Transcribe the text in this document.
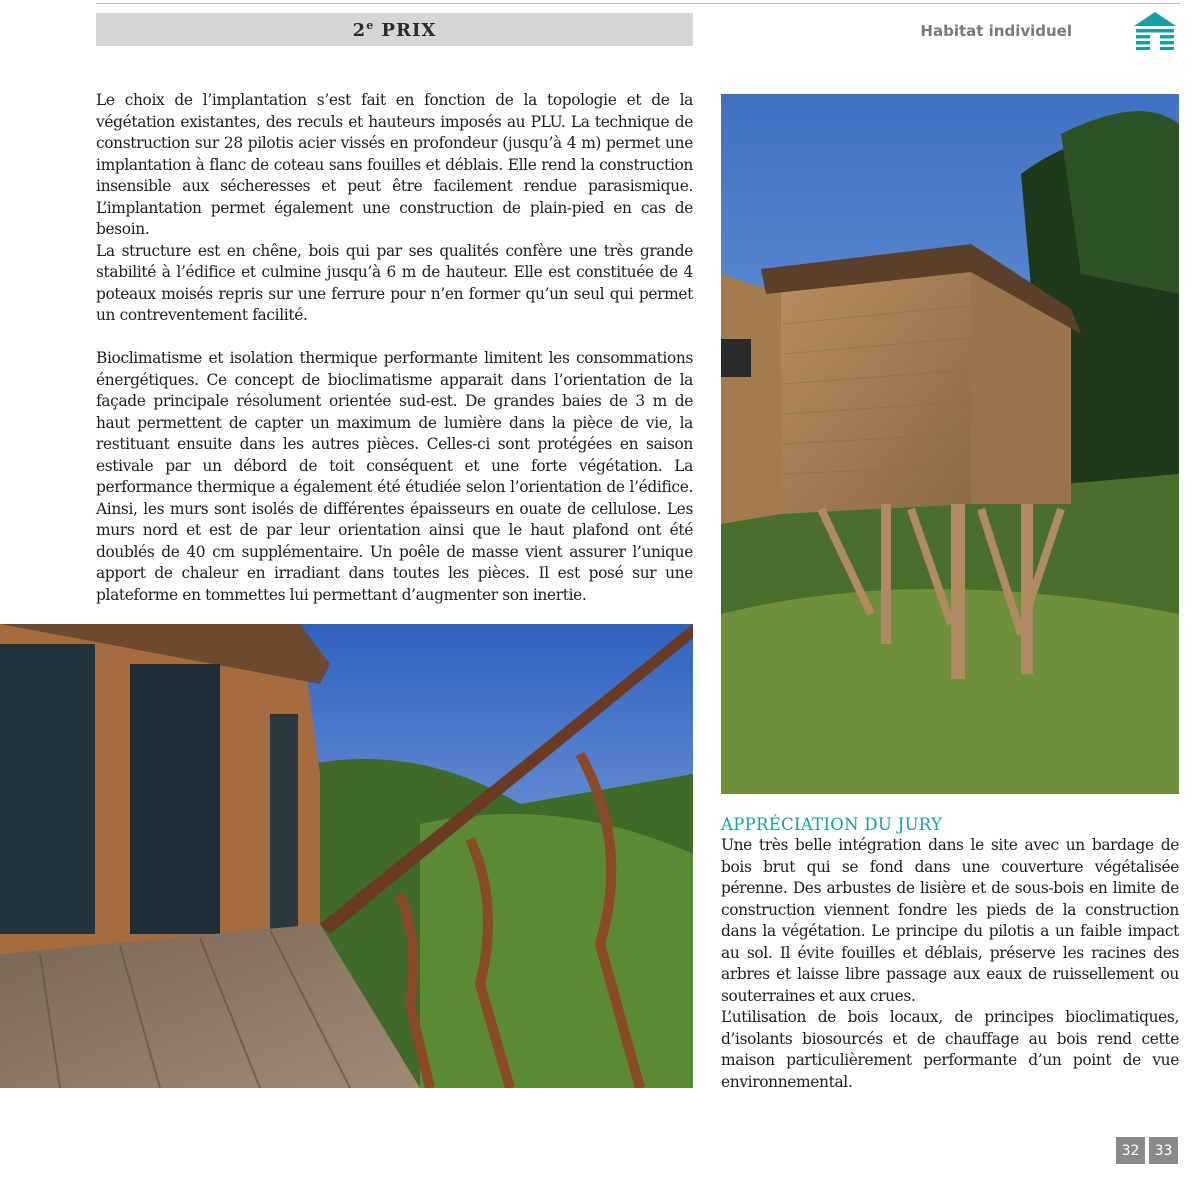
2e PRIX	Habitat individuel

Le choix de l’implantation s’est fait en fonction de la topologie et de la végétation existantes, des reculs et hauteurs imposés au PLU. La technique de construction sur 28 pilotis acier vissés en profondeur (jusqu’à 4 m) permet une implantation à flanc de coteau sans fouilles et déblais. Elle rend la construction insensible aux sécheresses et peut être facilement rendue parasismique. L’implantation permet également une construction de plain-pied en cas de besoin.

La structure est en chêne, bois qui par ses qualités confère une très grande stabilité à l’édifice et culmine jusqu’à 6 m de hauteur. Elle est constituée de 4 poteaux moisés repris sur une ferrure pour n’en former qu’un seul qui permet un contreventement facilité.

Bioclimatisme et isolation thermique performante limitent les consommations énergétiques. Ce concept de bioclimatisme apparait dans l’orientation de la façade principale résolument orientée sud-est. De grandes baies de 3 m de haut permettent de capter un maximum de lumière dans la pièce de vie, la restituant ensuite dans les autres pièces. Celles-ci sont protégées en saison estivale par un débord de toit conséquent et une forte végétation. La performance thermique a également été étudiée selon l’orientation de l’édifice. Ainsi, les murs sont isolés de différentes épaisseurs en ouate de cellulose. Les murs nord et est de par leur orientation ainsi que le haut plafond ont été doublés de 40 cm supplémentaire. Un poêle de masse vient assurer l’unique apport de chaleur en irradiant dans toutes les pièces. Il est posé sur une plateforme en tommettes lui permettant d’augmenter son inertie.

APPRÉCIATION DU JURY

Une très belle intégration dans le site avec un bardage de bois brut qui se fond dans une couverture végétalisée pérenne. Des arbustes de lisière et de sous-bois en limite de construction viennent fondre les pieds de la construction dans la végétation. Le principe du pilotis a un faible impact au sol. Il évite fouilles et déblais, préserve les racines des arbres et laisse libre passage aux eaux de ruissellement ou souterraines et aux crues.

L’utilisation de bois locaux, de principes bioclimatiques, d’isolants biosourcés et de chauffage au bois rend cette maison particulièrement performante d’un point de vue environnemental.

32	33
